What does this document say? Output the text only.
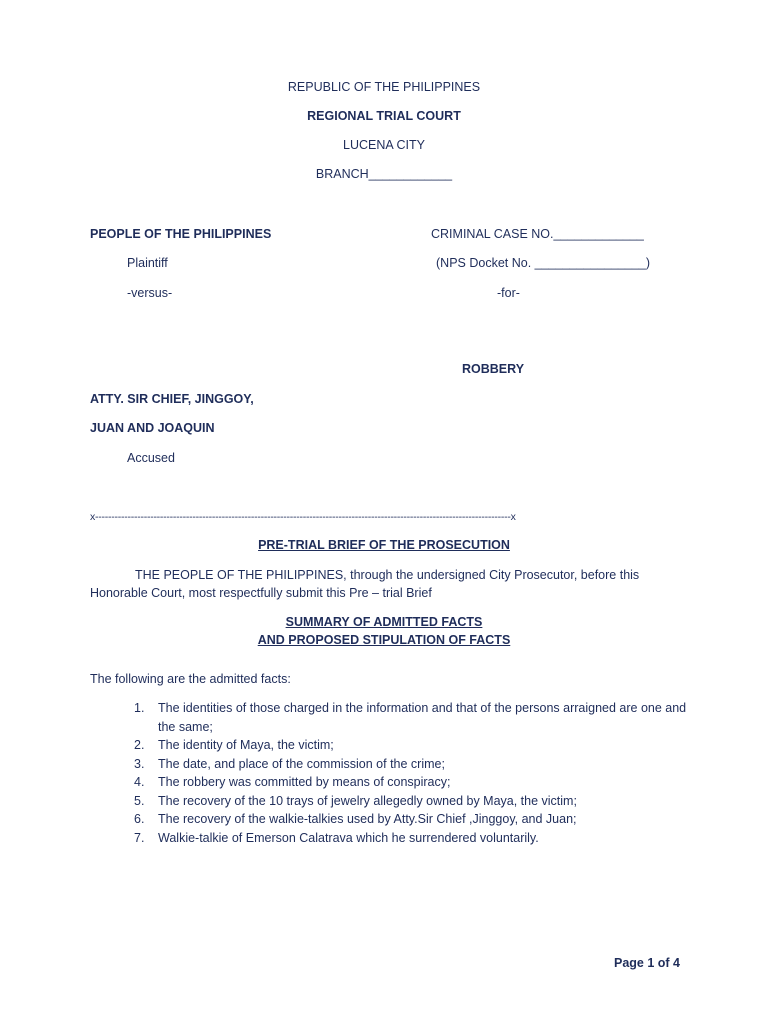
REPUBLIC OF THE PHILIPPINES
REGIONAL TRIAL COURT
LUCENA CITY
BRANCH____________
PEOPLE OF THE PHILIPPINES	CRIMINAL CASE NO._____________
Plaintiff	(NPS Docket No. ________________)
-versus-	-for-
ROBBERY
ATTY. SIR CHIEF, JINGGOY,
JUAN AND JOAQUIN
Accused
x--------------------------------------------------------------------------------------------------------------------------------x
PRE-TRIAL BRIEF OF THE PROSECUTION
THE PEOPLE OF THE PHILIPPINES, through the undersigned City Prosecutor, before this
Honorable Court, most respectfully submit this Pre – trial Brief
SUMMARY OF ADMITTED FACTS
AND PROPOSED STIPULATION OF FACTS
The following are the admitted facts:
1. The identities of those charged in the information and that of the persons arraigned are one and the same;
2. The identity of Maya, the victim;
3. The date, and place of the commission of the crime;
4. The robbery was committed by means of conspiracy;
5. The recovery of the 10 trays of jewelry allegedly owned by Maya, the victim;
6. The recovery of the walkie-talkies used by Atty.Sir Chief ,Jinggoy, and Juan;
7. Walkie-talkie of Emerson Calatrava which he surrendered voluntarily.
Page 1 of 4
